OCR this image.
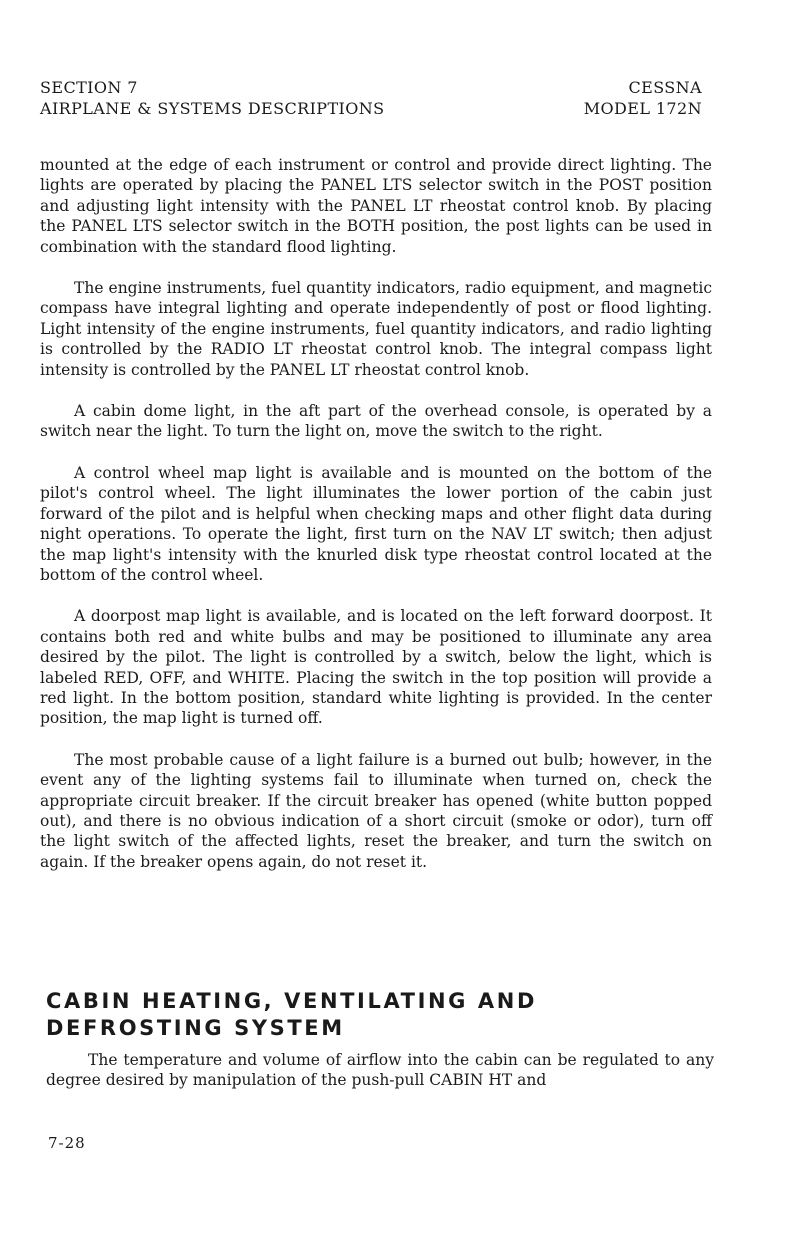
SECTION 7
AIRPLANE & SYSTEMS DESCRIPTIONS
CESSNA
MODEL 172N

mounted at the edge of each instrument or control and provide direct lighting. The lights are operated by placing the PANEL LTS selector switch in the POST position and adjusting light intensity with the PANEL LT rheostat control knob. By placing the PANEL LTS selector switch in the BOTH position, the post lights can be used in combination with the standard flood lighting.

The engine instruments, fuel quantity indicators, radio equipment, and magnetic compass have integral lighting and operate independently of post or flood lighting. Light intensity of the engine instruments, fuel quantity indicators, and radio lighting is controlled by the RADIO LT rheostat control knob. The integral compass light intensity is controlled by the PANEL LT rheostat control knob.

A cabin dome light, in the aft part of the overhead console, is operated by a switch near the light. To turn the light on, move the switch to the right.

A control wheel map light is available and is mounted on the bottom of the pilot's control wheel. The light illuminates the lower portion of the cabin just forward of the pilot and is helpful when checking maps and other flight data during night operations. To operate the light, first turn on the NAV LT switch; then adjust the map light's intensity with the knurled disk type rheostat control located at the bottom of the control wheel.

A doorpost map light is available, and is located on the left forward doorpost. It contains both red and white bulbs and may be positioned to illuminate any area desired by the pilot. The light is controlled by a switch, below the light, which is labeled RED, OFF, and WHITE. Placing the switch in the top position will provide a red light. In the bottom position, standard white lighting is provided. In the center position, the map light is turned off.

The most probable cause of a light failure is a burned out bulb; however, in the event any of the lighting systems fail to illuminate when turned on, check the appropriate circuit breaker. If the circuit breaker has opened (white button popped out), and there is no obvious indication of a short circuit (smoke or odor), turn off the light switch of the affected lights, reset the breaker, and turn the switch on again. If the breaker opens again, do not reset it.

CABIN HEATING, VENTILATING AND
DEFROSTING SYSTEM

The temperature and volume of airflow into the cabin can be regulated to any degree desired by manipulation of the push-pull CABIN HT and

7-28
